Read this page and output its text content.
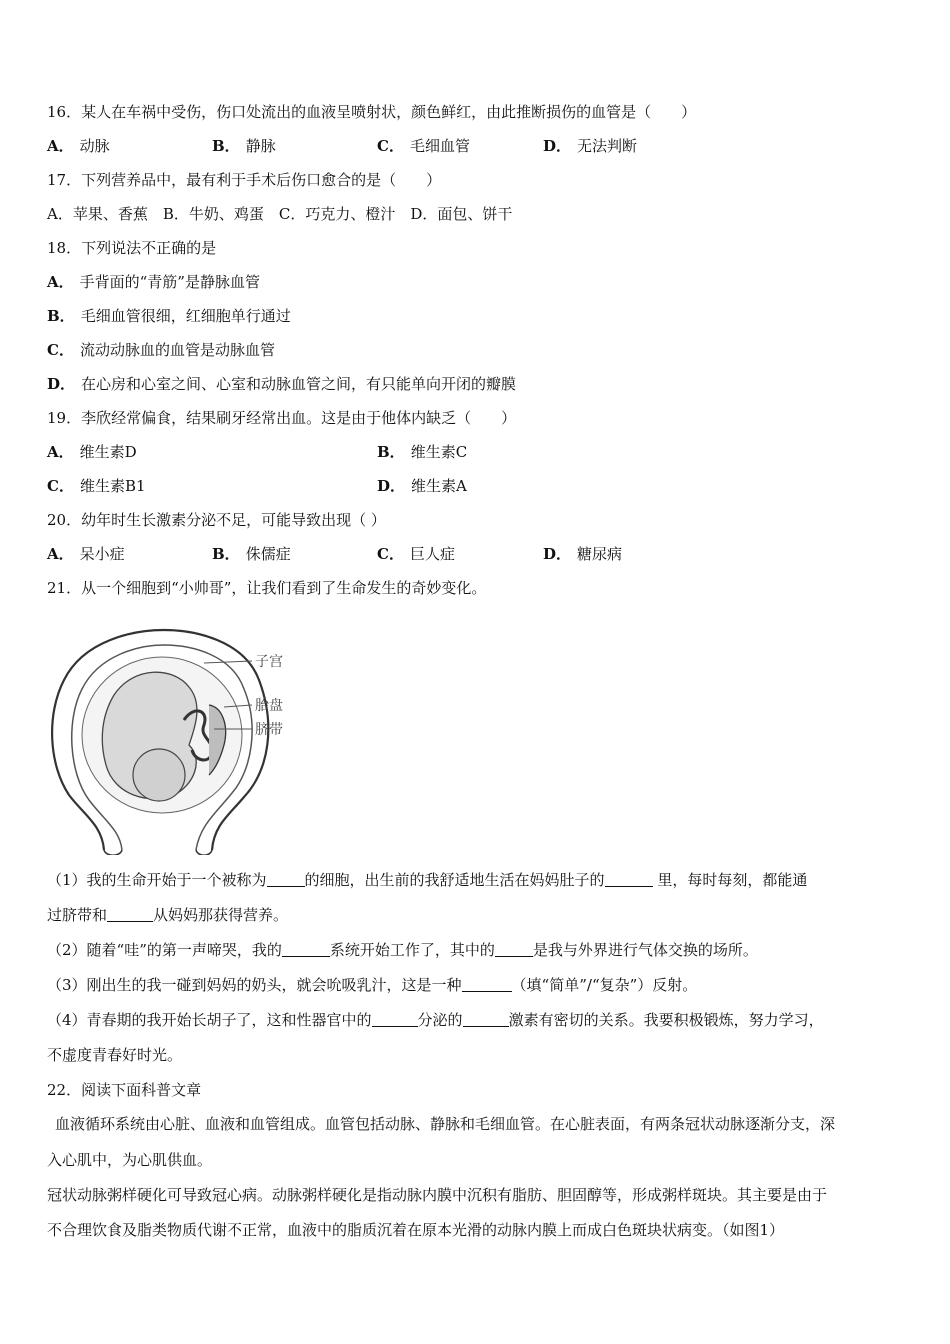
16．某人在车祸中受伤，伤口处流出的血液呈喷射状，颜色鲜红，由此推断损伤的血管是（　　）
A． 动脉	B． 静脉	C． 毛细血管	D． 无法判断
17．下列营养品中，最有利于手术后伤口愈合的是（　　）
A．苹果、香蕉　B．牛奶、鸡蛋　C．巧克力、橙汁　D．面包、饼干
18．下列说法不正确的是
A． 手背面的“青筋”是静脉血管
B． 毛细血管很细，红细胞单行通过
C． 流动动脉血的血管是动脉血管
D． 在心房和心室之间、心室和动脉血管之间，有只能单向开闭的瓣膜
19．李欣经常偏食，结果刷牙经常出血。这是由于他体内缺乏（　　）
A． 维生素D	B． 维生素C
C． 维生素B1	D． 维生素A
20．幼年时生长激素分泌不足，可能导致出现（ ）
A． 呆小症	B． 侏儒症	C． 巨人症	D． 糖尿病
21．从一个细胞到“小帅哥”，让我们看到了生命发生的奇妙变化。
子宫
胎盘
脐带
（1）我的生命开始于一个被称为	的细胞，出生前的我舒适地生活在妈妈肚子的	里，每时每刻，都能通
过脐带和	从妈妈那获得营养。
（2）随着“哇”的第一声啼哭，我的	系统开始工作了，其中的	是我与外界进行气体交换的场所。
（3）刚出生的我一碰到妈妈的奶头，就会吮吸乳汁，这是一种	（填“简单”/“复杂”）反射。
（4）青春期的我开始长胡子了，这和性器官中的	分泌的	激素有密切的关系。我要积极锻炼，努力学习，
不虚度青春好时光。
22．阅读下面科普文章
血液循环系统由心脏、血液和血管组成。血管包括动脉、静脉和毛细血管。在心脏表面，有两条冠状动脉逐渐分支，深
入心肌中，为心肌供血。
冠状动脉粥样硬化可导致冠心病。动脉粥样硬化是指动脉内膜中沉积有脂肪、胆固醇等，形成粥样斑块。其主要是由于
不合理饮食及脂类物质代谢不正常，血液中的脂质沉着在原本光滑的动脉内膜上而成白色斑块状病变。（如图1）
